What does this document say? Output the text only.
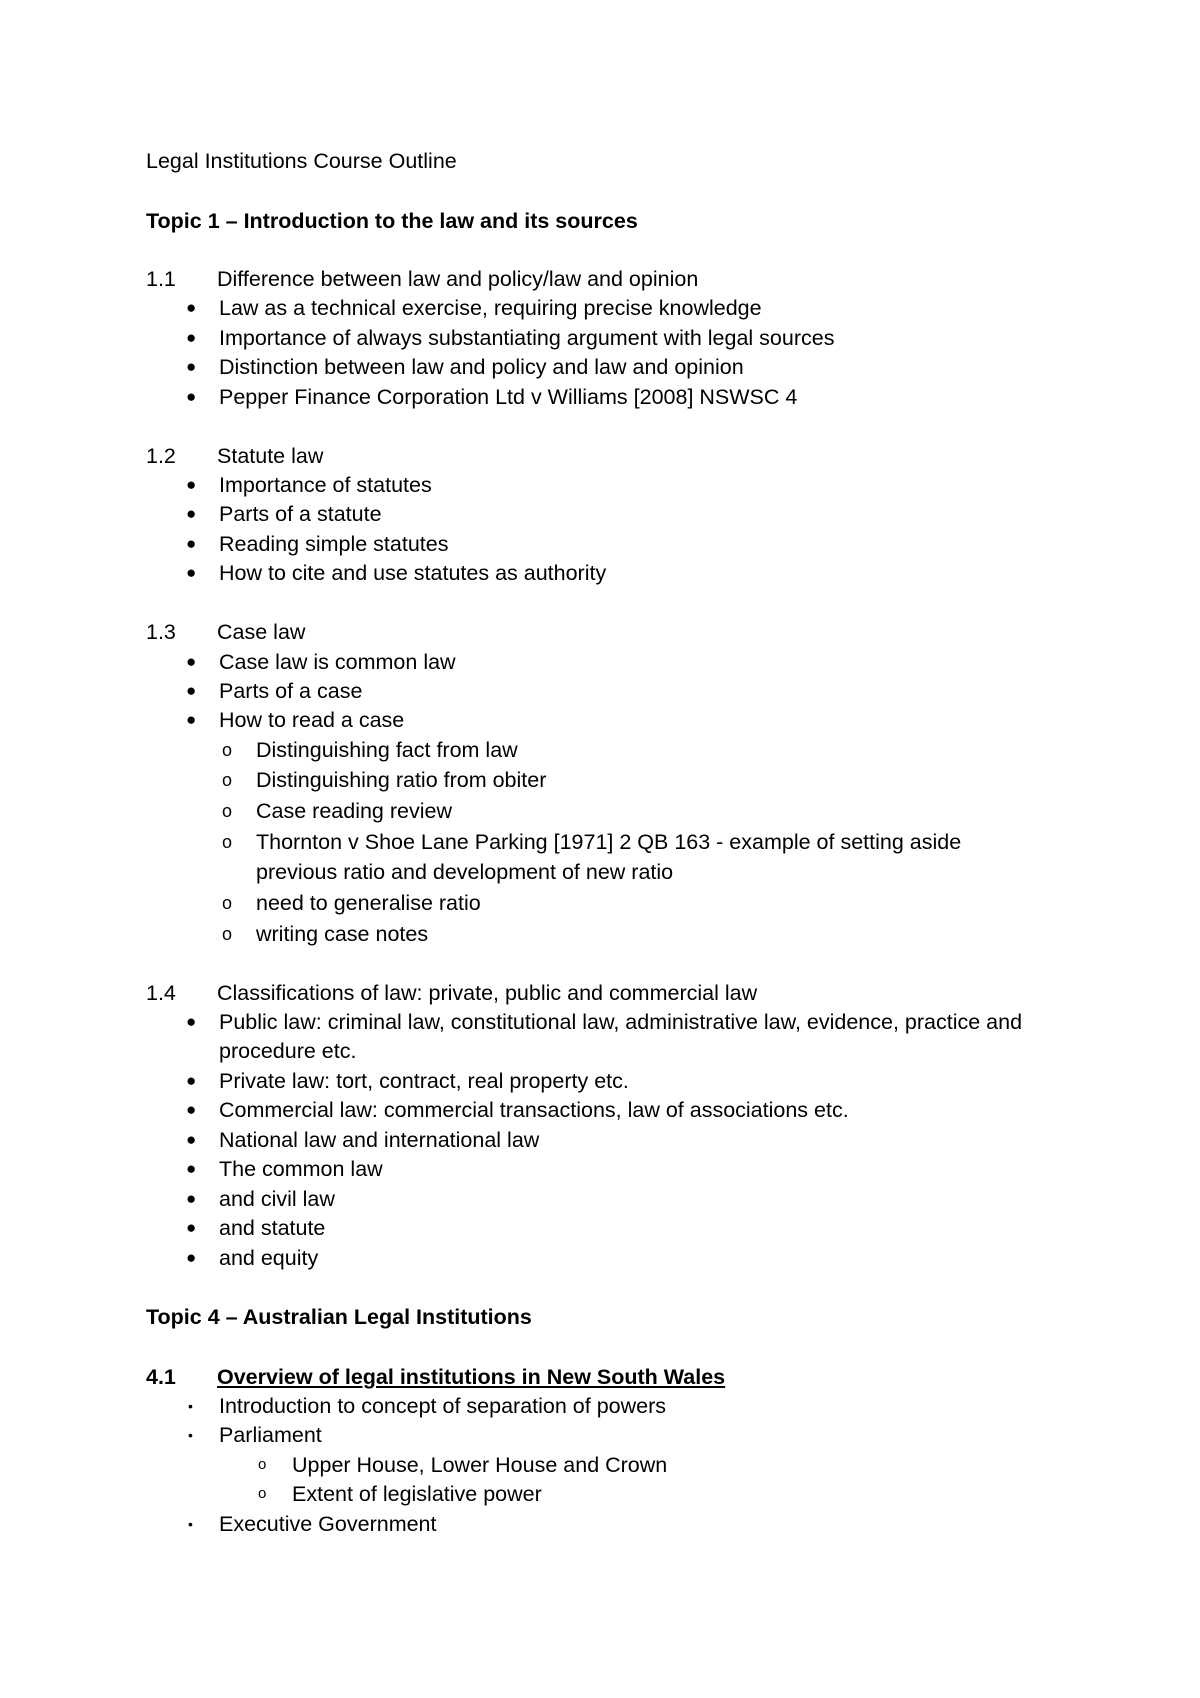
Legal Institutions Course Outline
Topic 1 – Introduction to the law and its sources
1.1 Difference between law and policy/law and opinion
● Law as a technical exercise, requiring precise knowledge
● Importance of always substantiating argument with legal sources
● Distinction between law and policy and law and opinion
● Pepper Finance Corporation Ltd v Williams [2008] NSWSC 4
1.2 Statute law
● Importance of statutes
● Parts of a statute
● Reading simple statutes
● How to cite and use statutes as authority
1.3 Case law
● Case law is common law
● Parts of a case
● How to read a case
o Distinguishing fact from law
o Distinguishing ratio from obiter
o Case reading review
o Thornton v Shoe Lane Parking [1971] 2 QB 163 - example of setting aside
previous ratio and development of new ratio
o need to generalise ratio
o writing case notes
1.4 Classifications of law: private, public and commercial law
● Public law: criminal law, constitutional law, administrative law, evidence, practice and
procedure etc.
● Private law: tort, contract, real property etc.
● Commercial law: commercial transactions, law of associations etc.
● National law and international law
● The common law
● and civil law
● and statute
● and equity
Topic 4 – Australian Legal Institutions
4.1 Overview of legal institutions in New South Wales
• Introduction to concept of separation of powers
• Parliament
o Upper House, Lower House and Crown
o Extent of legislative power
• Executive Government
